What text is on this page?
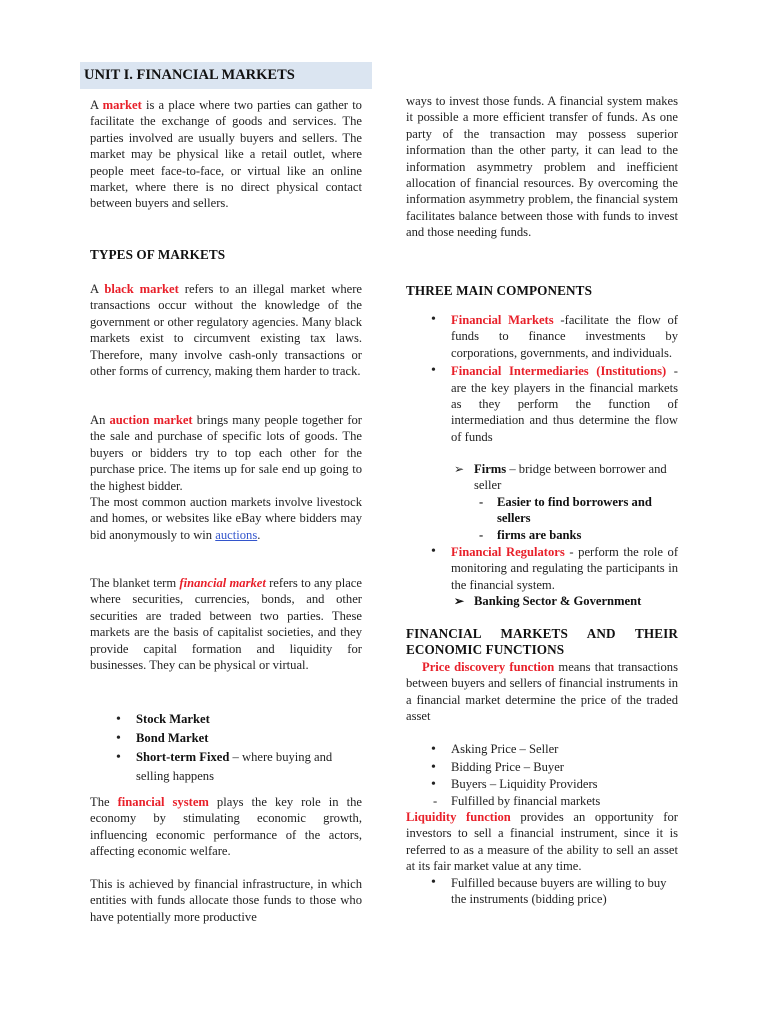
UNIT I. FINANCIAL MARKETS

A market is a place where two parties can gather to facilitate the exchange of goods and services. The parties involved are usually buyers and sellers. The market may be physical like a retail outlet, where people meet face-to-face, or virtual like an online market, where there is no direct physical contact between buyers and sellers.

TYPES OF MARKETS

A black market refers to an illegal market where transactions occur without the knowledge of the government or other regulatory agencies. Many black markets exist to circumvent existing tax laws. Therefore, many involve cash-only transactions or other forms of currency, making them harder to track.

An auction market brings many people together for the sale and purchase of specific lots of goods. The buyers or bidders try to top each other for the purchase price. The items up for sale end up going to the highest bidder.

The most common auction markets involve livestock and homes, or websites like eBay where bidders may bid anonymously to win auctions.

The blanket term financial market refers to any place where securities, currencies, bonds, and other securities are traded between two parties. These markets are the basis of capitalist societies, and they provide capital formation and liquidity for businesses. They can be physical or virtual.

• Stock Market
• Bond Market
• Short-term Fixed – where buying and selling happens

The financial system plays the key role in the economy by stimulating economic growth, influencing economic performance of the actors, affecting economic welfare.

This is achieved by financial infrastructure, in which entities with funds allocate those funds to those who have potentially more productive
ways to invest those funds. A financial system makes it possible a more efficient transfer of funds. As one party of the transaction may possess superior information than the other party, it can lead to the information asymmetry problem and inefficient allocation of financial resources. By overcoming the information asymmetry problem, the financial system facilitates balance between those with funds to invest and those needing funds.
THREE MAIN COMPONENTS
• Financial Markets -facilitate the flow of funds to finance investments by corporations, governments, and individuals.
• Financial Intermediaries (Institutions) - are the key players in the financial markets as they perform the function of intermediation and thus determine the flow of funds
➢ Firms – bridge between borrower and seller
- Easier to find borrowers and sellers
- firms are banks
• Financial Regulators - perform the role of monitoring and regulating the participants in the financial system.
➢ Banking Sector & Government
FINANCIAL MARKETS AND THEIR ECONOMIC FUNCTIONS

Price discovery function means that transactions between buyers and sellers of financial instruments in a financial market determine the price of the traded asset

• Asking Price – Seller
• Bidding Price – Buyer
• Buyers – Liquidity Providers
- Fulfilled by financial markets

Liquidity function provides an opportunity for investors to sell a financial instrument, since it is referred to as a measure of the ability to sell an asset at its fair market value at any time.

• Fulfilled because buyers are willing to buy the instruments (bidding price)
